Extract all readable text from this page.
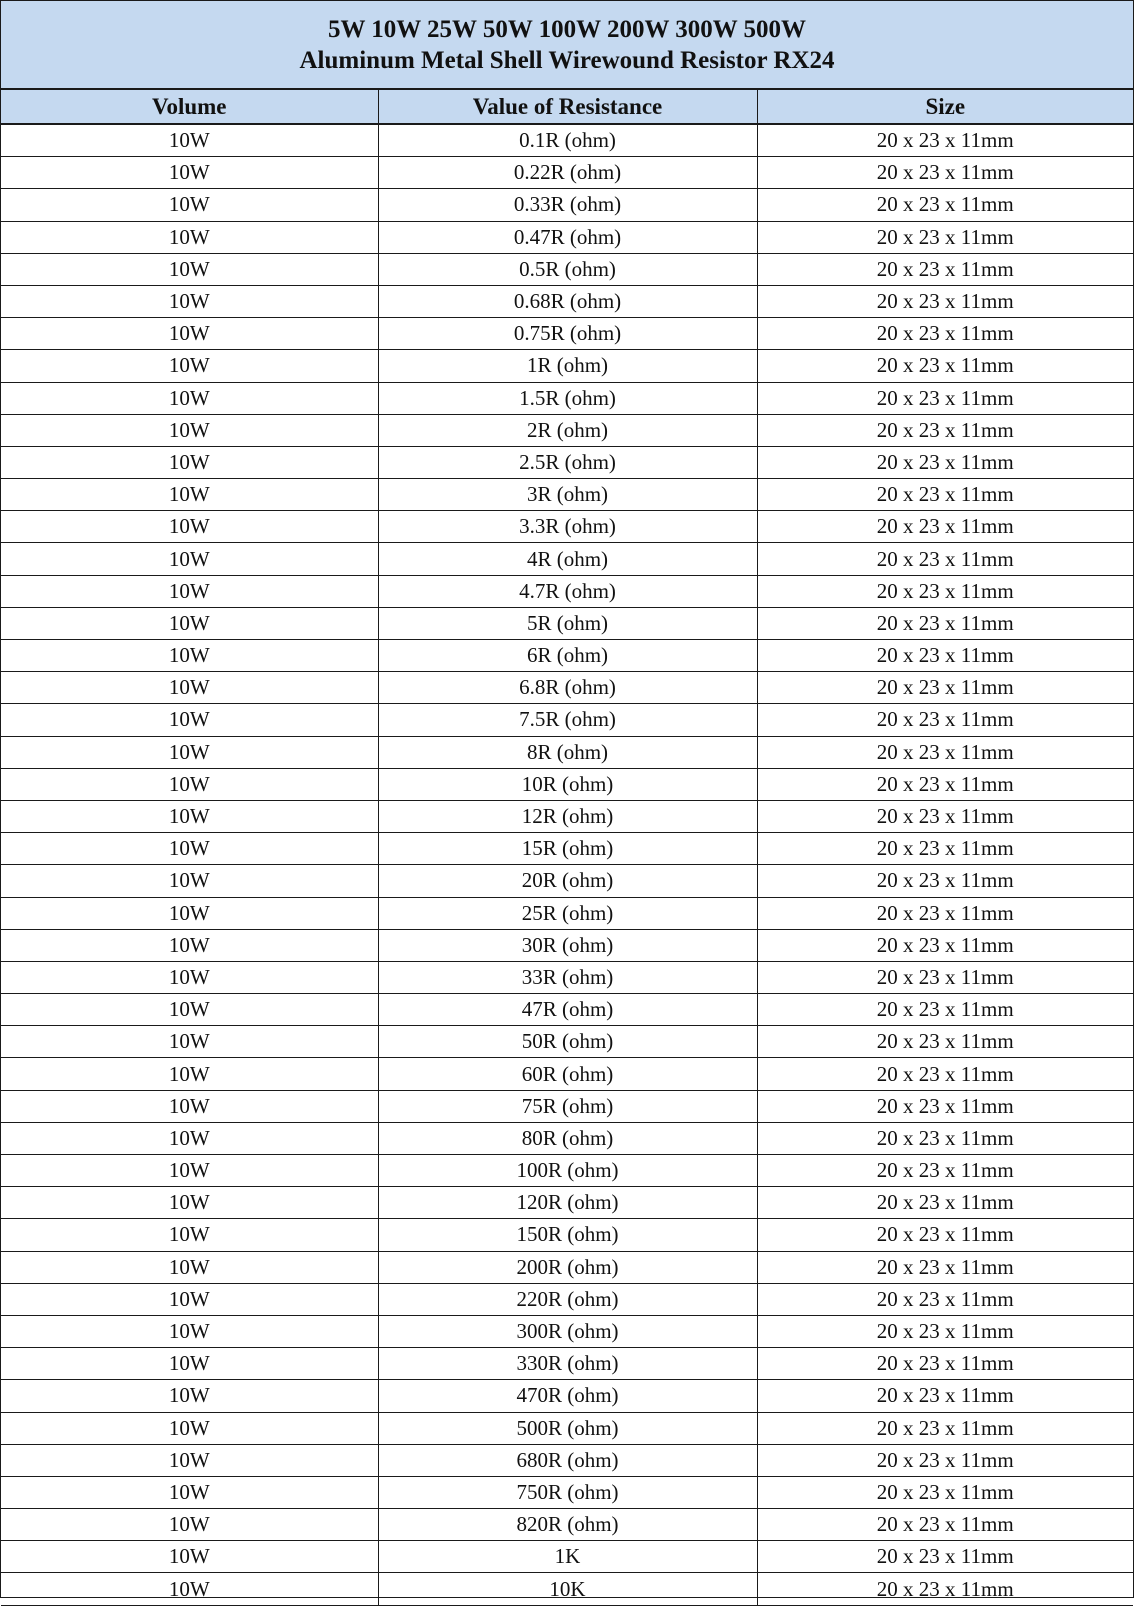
5W 10W 25W 50W 100W 200W 300W 500W
Aluminum Metal Shell Wirewound Resistor RX24
Volume	Value of Resistance	Size
10W	0.1R (ohm)	20 x 23 x 11mm
10W	0.22R (ohm)	20 x 23 x 11mm
10W	0.33R (ohm)	20 x 23 x 11mm
10W	0.47R (ohm)	20 x 23 x 11mm
10W	0.5R (ohm)	20 x 23 x 11mm
10W	0.68R (ohm)	20 x 23 x 11mm
10W	0.75R (ohm)	20 x 23 x 11mm
10W	1R (ohm)	20 x 23 x 11mm
10W	1.5R (ohm)	20 x 23 x 11mm
10W	2R (ohm)	20 x 23 x 11mm
10W	2.5R (ohm)	20 x 23 x 11mm
10W	3R (ohm)	20 x 23 x 11mm
10W	3.3R (ohm)	20 x 23 x 11mm
10W	4R (ohm)	20 x 23 x 11mm
10W	4.7R (ohm)	20 x 23 x 11mm
10W	5R (ohm)	20 x 23 x 11mm
10W	6R (ohm)	20 x 23 x 11mm
10W	6.8R (ohm)	20 x 23 x 11mm
10W	7.5R (ohm)	20 x 23 x 11mm
10W	8R (ohm)	20 x 23 x 11mm
10W	10R (ohm)	20 x 23 x 11mm
10W	12R (ohm)	20 x 23 x 11mm
10W	15R (ohm)	20 x 23 x 11mm
10W	20R (ohm)	20 x 23 x 11mm
10W	25R (ohm)	20 x 23 x 11mm
10W	30R (ohm)	20 x 23 x 11mm
10W	33R (ohm)	20 x 23 x 11mm
10W	47R (ohm)	20 x 23 x 11mm
10W	50R (ohm)	20 x 23 x 11mm
10W	60R (ohm)	20 x 23 x 11mm
10W	75R (ohm)	20 x 23 x 11mm
10W	80R (ohm)	20 x 23 x 11mm
10W	100R (ohm)	20 x 23 x 11mm
10W	120R (ohm)	20 x 23 x 11mm
10W	150R (ohm)	20 x 23 x 11mm
10W	200R (ohm)	20 x 23 x 11mm
10W	220R (ohm)	20 x 23 x 11mm
10W	300R (ohm)	20 x 23 x 11mm
10W	330R (ohm)	20 x 23 x 11mm
10W	470R (ohm)	20 x 23 x 11mm
10W	500R (ohm)	20 x 23 x 11mm
10W	680R (ohm)	20 x 23 x 11mm
10W	750R (ohm)	20 x 23 x 11mm
10W	820R (ohm)	20 x 23 x 11mm
10W	1K	20 x 23 x 11mm
10W	10K	20 x 23 x 11mm
